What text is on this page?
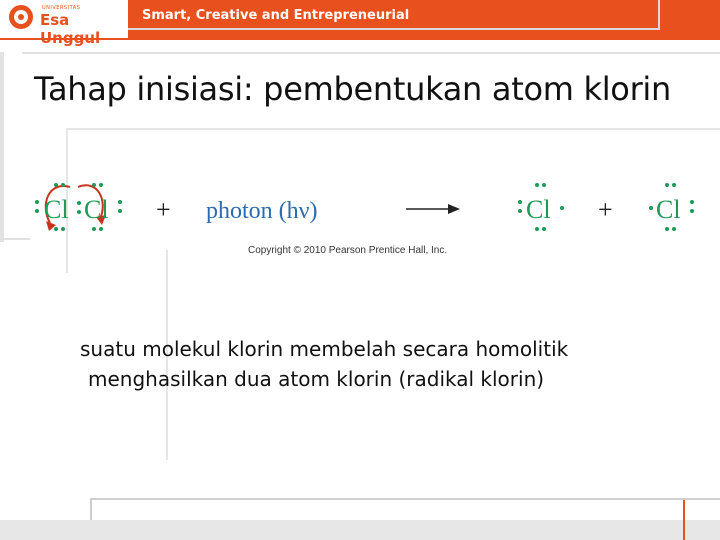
UNIVERSITAS
Esa Unggul
Smart, Creative and Entrepreneurial
Tahap inisiasi: pembentukan atom klorin
Cl Cl + photon (hν)	Cl + Cl
Copyright © 2010 Pearson Prentice Hall, Inc.
suatu molekul klorin membelah secara homolitik
menghasilkan dua atom klorin (radikal klorin)
